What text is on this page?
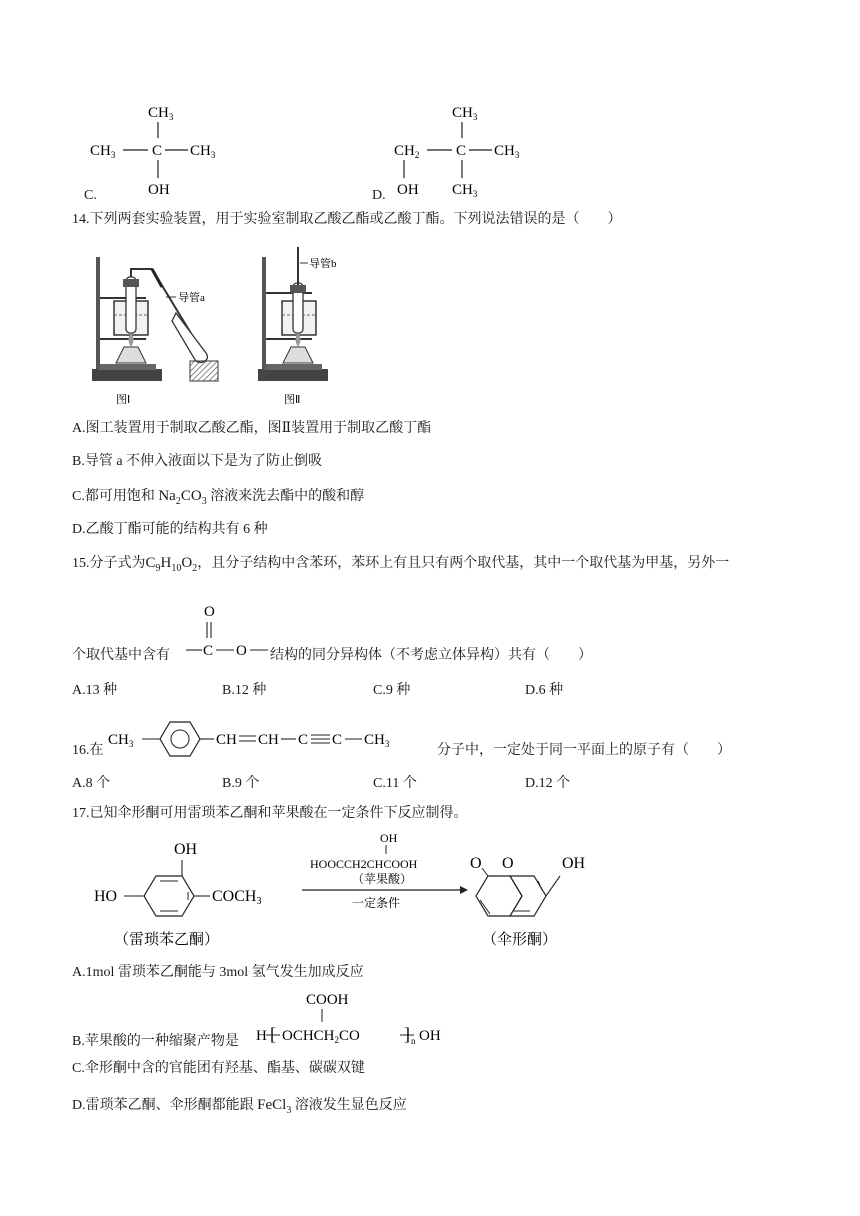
C.
$CH_3$
$CH_3$ C $CH_3$
OH	D.
$CH_3$
$CH_2$ C $CH_3$
OH $CH_3$
14.下列两套实验装置，用于实验室制取乙酸乙酯或乙酸丁酯。下列说法错误的是（　　）
导管a
图Ⅰ
导管b
图Ⅱ
A.图工装置用于制取乙酸乙酯，图Ⅱ装置用于制取乙酸丁酯
B.导管 a 不伸入液面以下是为了防止倒吸
C.都可用饱和 $Na_2CO_3$ 溶液来洗去酯中的酸和醇
D.乙酸丁酯可能的结构共有 6 种
15.分子式为$C_9H_{10}O_2$，且分子结构中含苯环，苯环上有且只有两个取代基，其中一个取代基为甲基，另外一
个取代基中含有
O
C O 结构的同分异构体（不考虑立体异构）共有（　　）
A.13 种	B.12 种	C.9 种	D.6 种
16.在
$CH_3$	CH CH C C $CH_3$	分子中，一定处于同一平面上的原子有（　　）
A.8 个	B.9 个	C.11 个	D.12 个
17.已知伞形酮可用雷琐苯乙酮和苹果酸在一定条件下反应制得。
OH
HO	COCH3
（雷琐苯乙酮）
OH
HOOCCH2CHCOOH
（苹果酸）
一定条件
O O	OH
（伞形酮）
A.1mol 雷琐苯乙酮能与 3mol 氢气发生加成反应
B.苹果酸的一种缩聚产物是
COOH
H [ $OCHCH_2CO$ ] n OH
C.伞形酮中含的官能团有羟基、酯基、碳碳双键
D.雷琐苯乙酮、伞形酮都能跟 FeCl$_3$ 溶液发生显色反应
